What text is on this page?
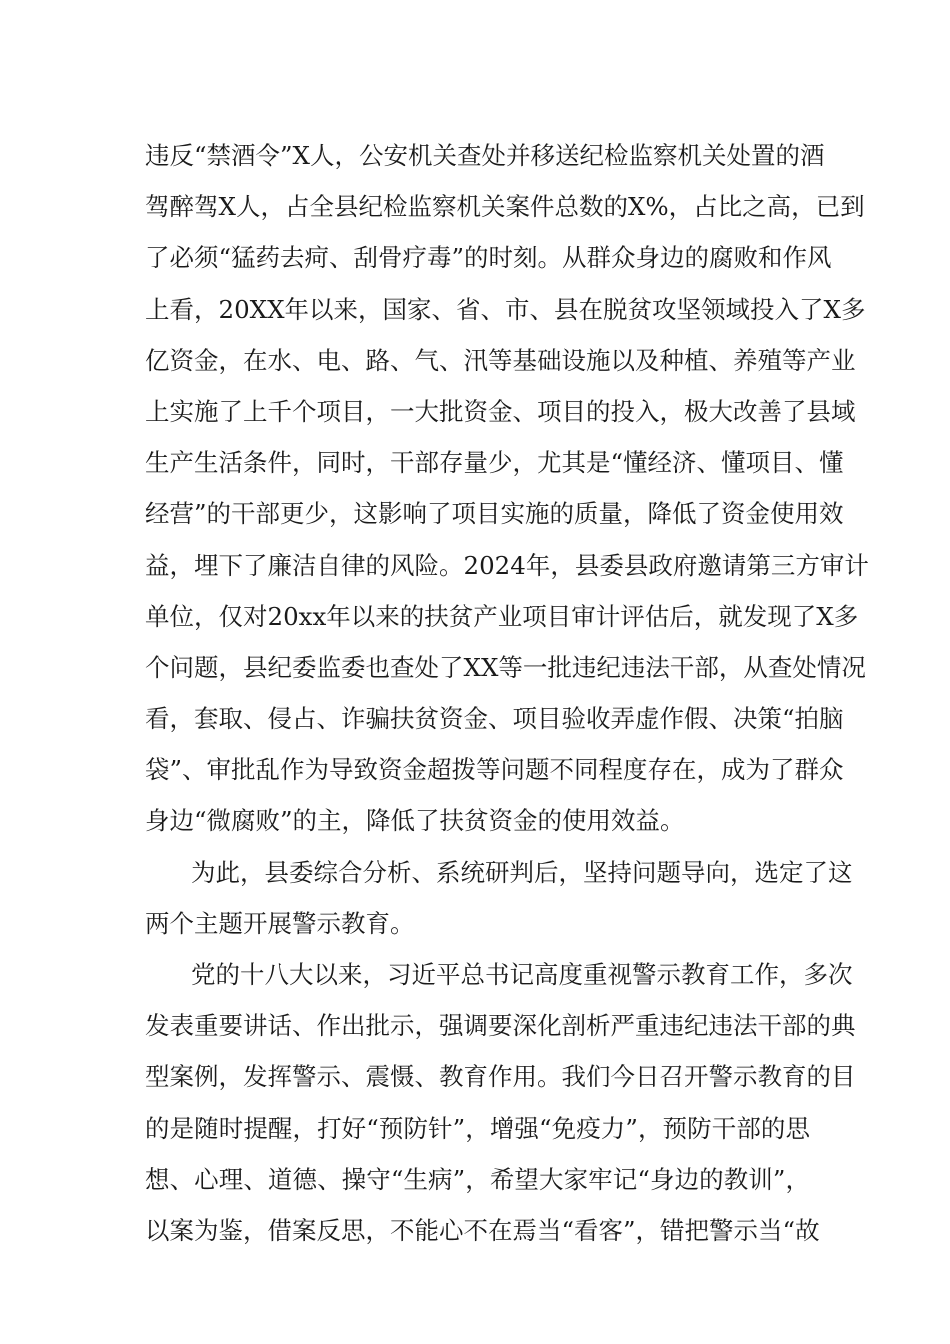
违反“禁酒令”X人，公安机关查处并移送纪检监察机关处置的酒
驾醉驾X人，占全县纪检监察机关案件总数的X%，占比之高，已到
了必须“猛药去疴、刮骨疗毒”的时刻。从群众身边的腐败和作风
上看，20XX年以来，国家、省、市、县在脱贫攻坚领域投入了X多
亿资金，在水、电、路、气、汛等基础设施以及种植、养殖等产业
上实施了上千个项目，一大批资金、项目的投入，极大改善了县域
生产生活条件，同时，干部存量少，尤其是“懂经济、懂项目、懂
经营”的干部更少，这影响了项目实施的质量，降低了资金使用效
益，埋下了廉洁自律的风险。2024年，县委县政府邀请第三方审计
单位，仅对20xx年以来的扶贫产业项目审计评估后，就发现了X多
个问题，县纪委监委也查处了XX等一批违纪违法干部，从查处情况
看，套取、侵占、诈骗扶贫资金、项目验收弄虚作假、决策“拍脑
袋”、审批乱作为导致资金超拨等问题不同程度存在，成为了群众
身边“微腐败”的主，降低了扶贫资金的使用效益。
为此，县委综合分析、系统研判后，坚持问题导向，选定了这
两个主题开展警示教育。
党的十八大以来，习近平总书记高度重视警示教育工作，多次
发表重要讲话、作出批示，强调要深化剖析严重违纪违法干部的典
型案例，发挥警示、震慑、教育作用。我们今日召开警示教育的目
的是随时提醒，打好“预防针”，增强“免疫力”，预防干部的思
想、心理、道德、操守“生病”，希望大家牢记“身边的教训”，
以案为鉴，借案反思，不能心不在焉当“看客”，错把警示当“故
